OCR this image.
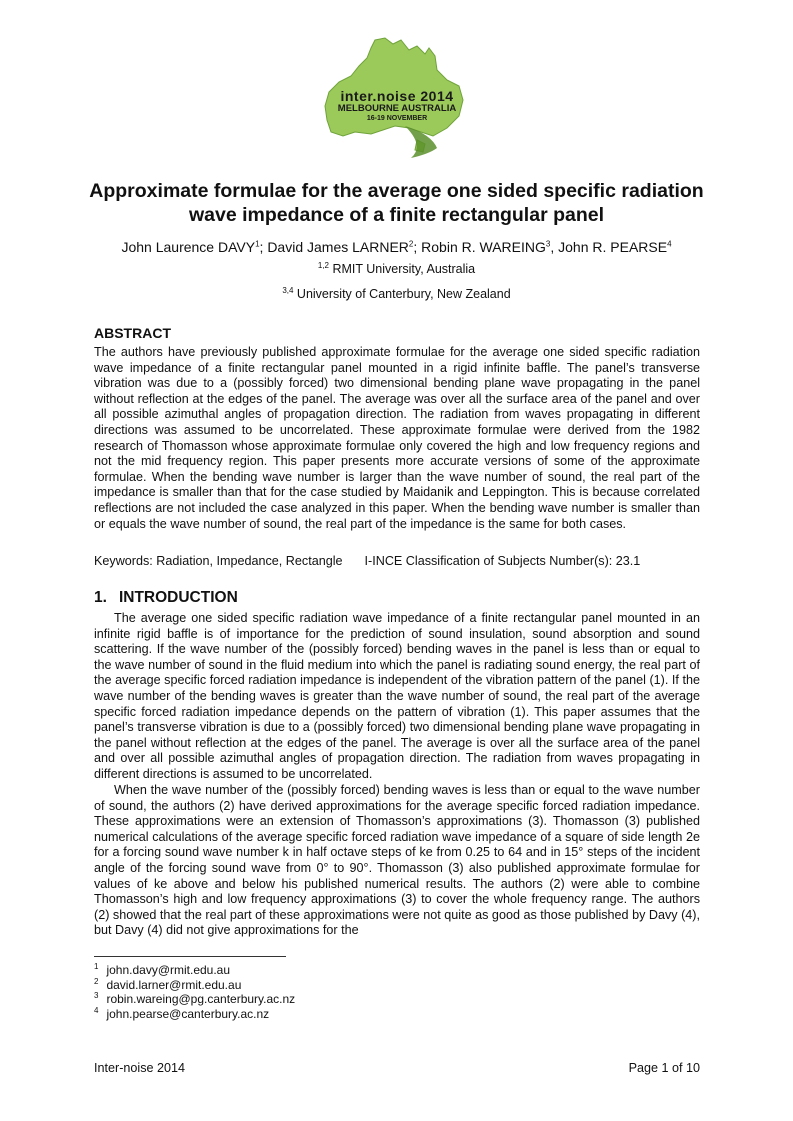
inter.noise 2014
MELBOURNE AUSTRALIA
16-19 NOVEMBER
Approximate formulae for the average one sided specific radiation wave impedance of a finite rectangular panel
John Laurence DAVY$^1$; David James LARNER$^2$; Robin R. WAREING$^3$, John R. PEARSE$^4$
$^{1,2}$ RMIT University, Australia
$^{3,4}$ University of Canterbury, New Zealand
ABSTRACT

The authors have previously published approximate formulae for the average one sided specific radiation wave impedance of a finite rectangular panel mounted in a rigid infinite baffle. The panel’s transverse vibration was due to a (possibly forced) two dimensional bending plane wave propagating in the panel without reflection at the edges of the panel. The average was over all the surface area of the panel and over all possible azimuthal angles of propagation direction. The radiation from waves propagating in different directions was assumed to be uncorrelated. These approximate formulae were derived from the 1982 research of Thomasson whose approximate formulae only covered the high and low frequency regions and not the mid frequency region. This paper presents more accurate versions of some of the approximate formulae. When the bending wave number is larger than the wave number of sound, the real part of the impedance is smaller than that for the case studied by Maidanik and Leppington. This is because correlated reflections are not included the case analyzed in this paper. When the bending wave number is smaller than or equals the wave number of sound, the real part of the impedance is the same for both cases.

Keywords: Radiation, Impedance, Rectangle I-INCE Classification of Subjects Number(s): 23.1
1. INTRODUCTION

The average one sided specific radiation wave impedance of a finite rectangular panel mounted in an infinite rigid baffle is of importance for the prediction of sound insulation, sound absorption and sound scattering. If the wave number of the (possibly forced) bending waves in the panel is less than or equal to the wave number of sound in the fluid medium into which the panel is radiating sound energy, the real part of the average specific forced radiation impedance is independent of the vibration pattern of the panel (1). If the wave number of the bending waves is greater than the wave number of sound, the real part of the average specific forced radiation impedance depends on the pattern of vibration (1). This paper assumes that the panel’s transverse vibration is due to a (possibly forced) two dimensional bending plane wave propagating in the panel without reflection at the edges of the panel. The average is over all the surface area of the panel and over all possible azimuthal angles of propagation direction. The radiation from waves propagating in different directions is assumed to be uncorrelated.

When the wave number of the (possibly forced) bending waves is less than or equal to the wave number of sound, the authors (2) have derived approximations for the average specific forced radiation impedance. These approximations were an extension of Thomasson’s approximations (3). Thomasson (3) published numerical calculations of the average specific forced radiation wave impedance of a square of side length 2e for a forcing sound wave number k in half octave steps of ke from 0.25 to 64 and in 15° steps of the incident angle of the forcing sound wave from 0° to 90°. Thomasson (3) also published approximate formulae for values of ke above and below his published numerical results. The authors (2) were able to combine Thomasson’s high and low frequency approximations (3) to cover the whole frequency range. The authors (2) showed that the real part of these approximations were not quite as good as those published by Davy (4), but Davy (4) did not give approximations for the

$^1$ john.davy@rmit.edu.au
$^2$ david.larner@rmit.edu.au
$^3$ robin.wareing@pg.canterbury.ac.nz
$^4$ john.pearse@canterbury.ac.nz
Inter-noise 2014	Page 1 of 10
